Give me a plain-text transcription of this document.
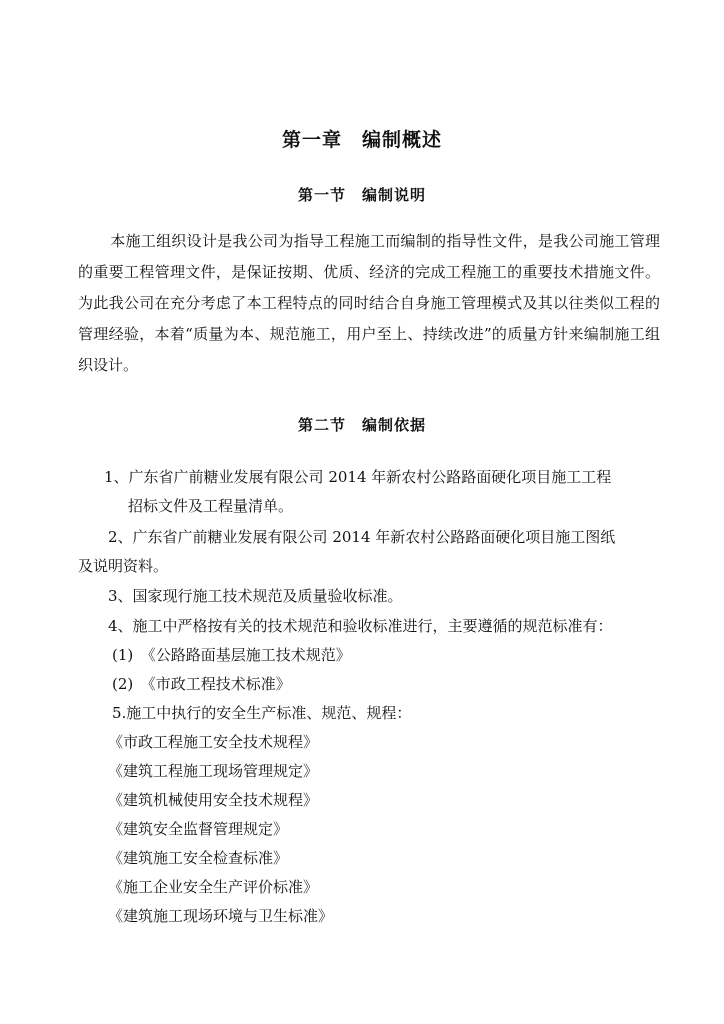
第一章　编制概述
第一节　编制说明
本施工组织设计是我公司为指导工程施工而编制的指导性文件，是我公司施工管理的重要工程管理文件，是保证按期、优质、经济的完成工程施工的重要技术措施文件。为此我公司在充分考虑了本工程特点的同时结合自身施工管理模式及其以往类似工程的管理经验，本着“质量为本、规范施工，用户至上、持续改进”的质量方针来编制施工组织设计。
第二节　编制依据
1、广东省广前糖业发展有限公司 2014 年新农村公路路面硬化项目施工工程
招标文件及工程量清单。
2、广东省广前糖业发展有限公司 2014 年新农村公路路面硬化项目施工图纸
及说明资料。
3、国家现行施工技术规范及质量验收标准。
4、施工中严格按有关的技术规范和验收标准进行，主要遵循的规范标准有：
(1)　《公路路面基层施工技术规范》
(2)　《市政工程技术标准》
5.施工中执行的安全生产标准、规范、规程：
《市政工程施工安全技术规程》
《建筑工程施工现场管理规定》
《建筑机械使用安全技术规程》
《建筑安全监督管理规定》
《建筑施工安全检查标准》
《施工企业安全生产评价标准》
《建筑施工现场环境与卫生标准》
